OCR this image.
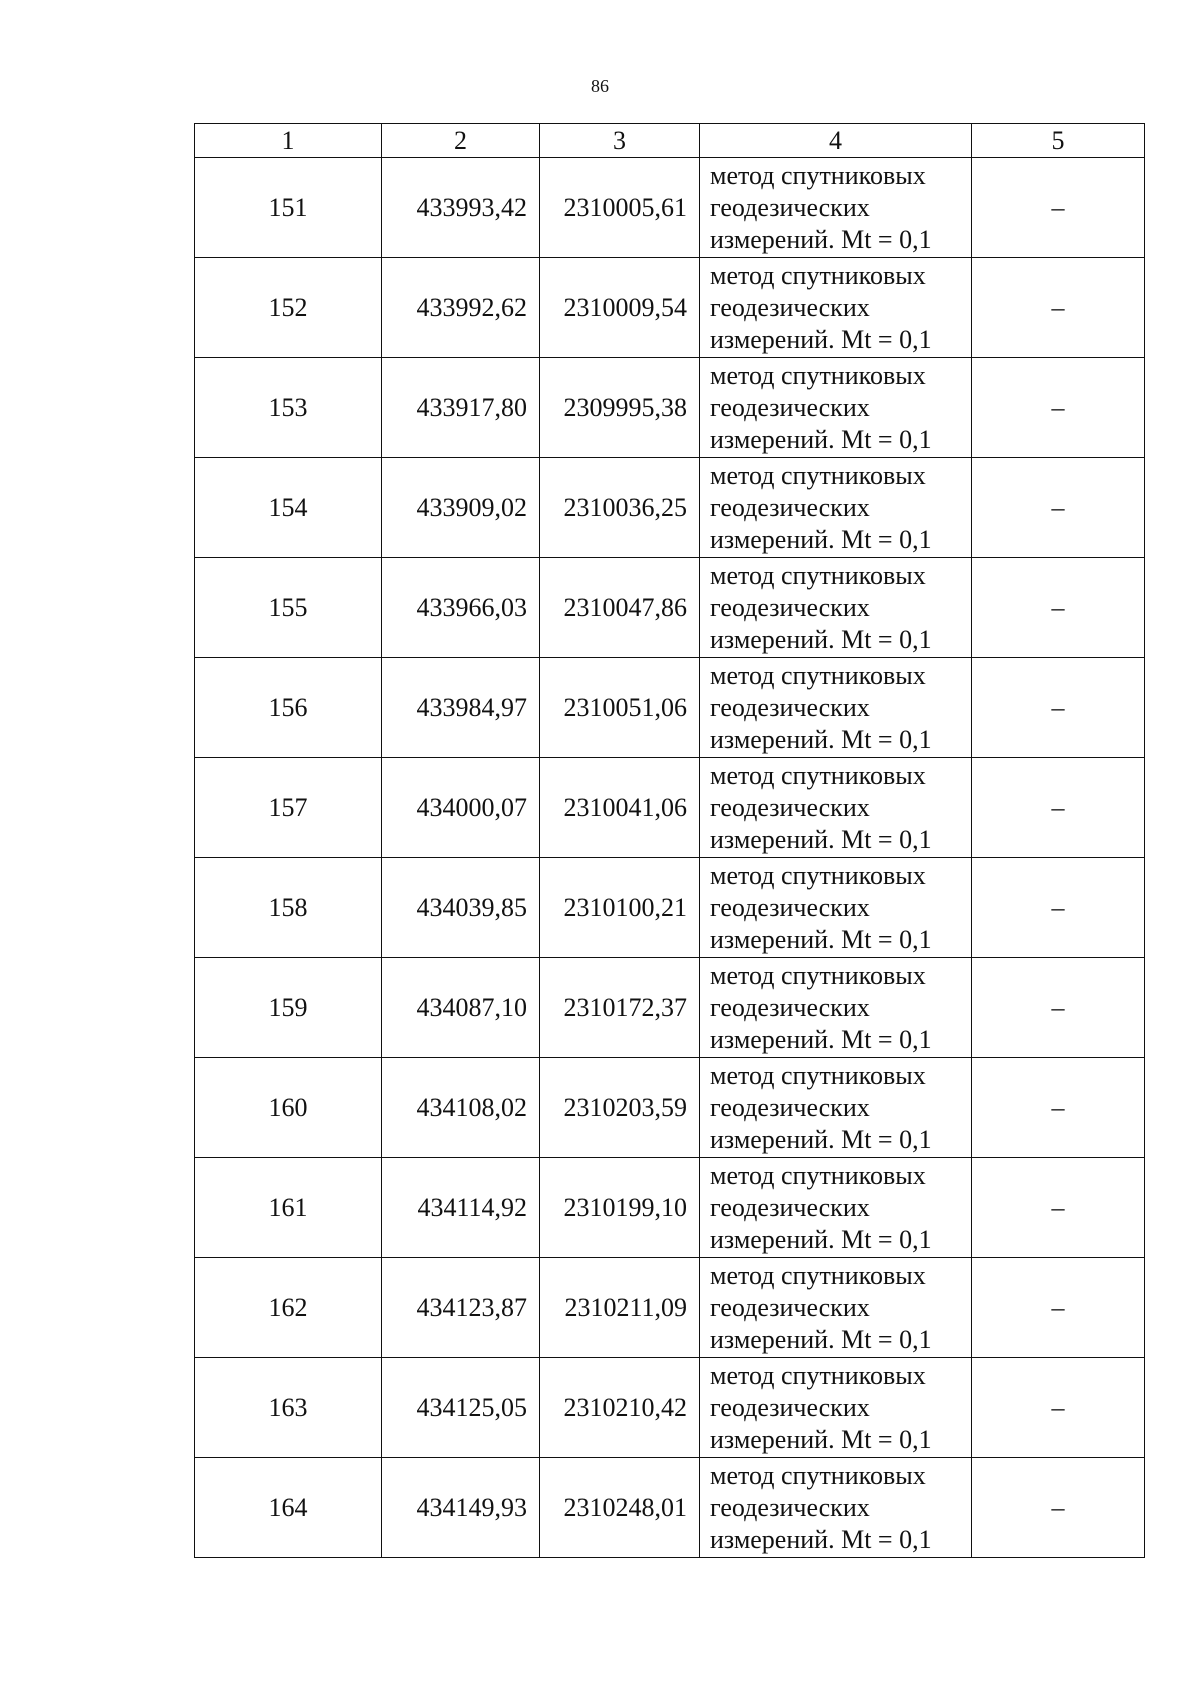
86
1	2	3	4	5
151	433993,42	2310005,61	метод спутниковых
геодезических
измерений. Mt = 0,1	–
152	433992,62	2310009,54	метод спутниковых
геодезических
измерений. Mt = 0,1	–
153	433917,80	2309995,38	метод спутниковых
геодезических
измерений. Mt = 0,1	–
154	433909,02	2310036,25	метод спутниковых
геодезических
измерений. Mt = 0,1	–
155	433966,03	2310047,86	метод спутниковых
геодезических
измерений. Mt = 0,1	–
156	433984,97	2310051,06	метод спутниковых
геодезических
измерений. Mt = 0,1	–
157	434000,07	2310041,06	метод спутниковых
геодезических
измерений. Mt = 0,1	–
158	434039,85	2310100,21	метод спутниковых
геодезических
измерений. Mt = 0,1	–
159	434087,10	2310172,37	метод спутниковых
геодезических
измерений. Mt = 0,1	–
160	434108,02	2310203,59	метод спутниковых
геодезических
измерений. Mt = 0,1	–
161	434114,92	2310199,10	метод спутниковых
геодезических
измерений. Mt = 0,1	–
162	434123,87	2310211,09	метод спутниковых
геодезических
измерений. Mt = 0,1	–
163	434125,05	2310210,42	метод спутниковых
геодезических
измерений. Mt = 0,1	–
164	434149,93	2310248,01	метод спутниковых
геодезических
измерений. Mt = 0,1	–
